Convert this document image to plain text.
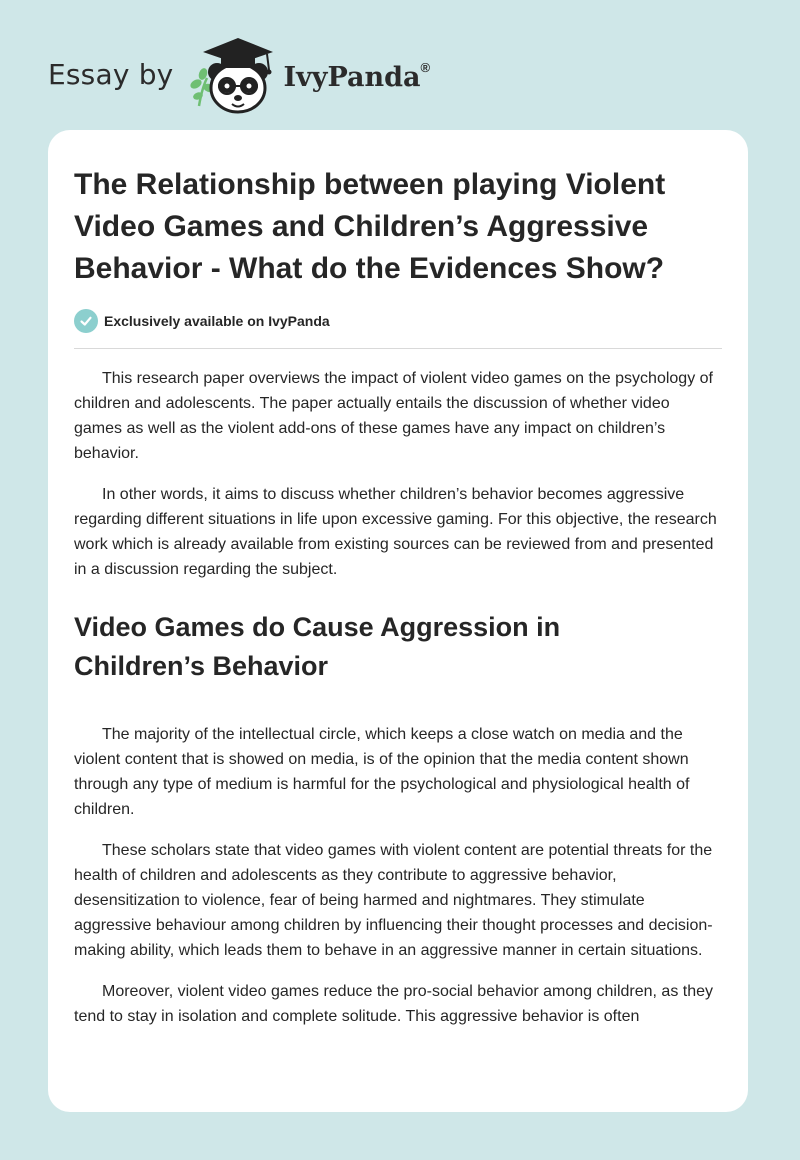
Essay by	IvyPanda®
The Relationship between playing Violent Video Games and Children’s Aggressive Behavior - What do the Evidences Show?
Exclusively available on IvyPanda

This research paper overviews the impact of violent video games on the psychology of children and adolescents. The paper actually entails the discussion of whether video games as well as the violent add-ons of these games have any impact on children’s behavior.

In other words, it aims to discuss whether children’s behavior becomes aggressive regarding different situations in life upon excessive gaming. For this objective, the research work which is already available from existing sources can be reviewed from and presented in a discussion regarding the subject.

Video Games do Cause Aggression in Children’s Behavior

The majority of the intellectual circle, which keeps a close watch on media and the violent content that is showed on media, is of the opinion that the media content shown through any type of medium is harmful for the psychological and physiological health of children.

These scholars state that video games with violent content are potential threats for the health of children and adolescents as they contribute to aggressive behavior, desensitization to violence, fear of being harmed and nightmares. They stimulate aggressive behaviour among children by influencing their thought processes and decision-making ability, which leads them to behave in an aggressive manner in certain situations.

Moreover, violent video games reduce the pro-social behavior among children, as they tend to stay in isolation and complete solitude. This aggressive behavior is often
